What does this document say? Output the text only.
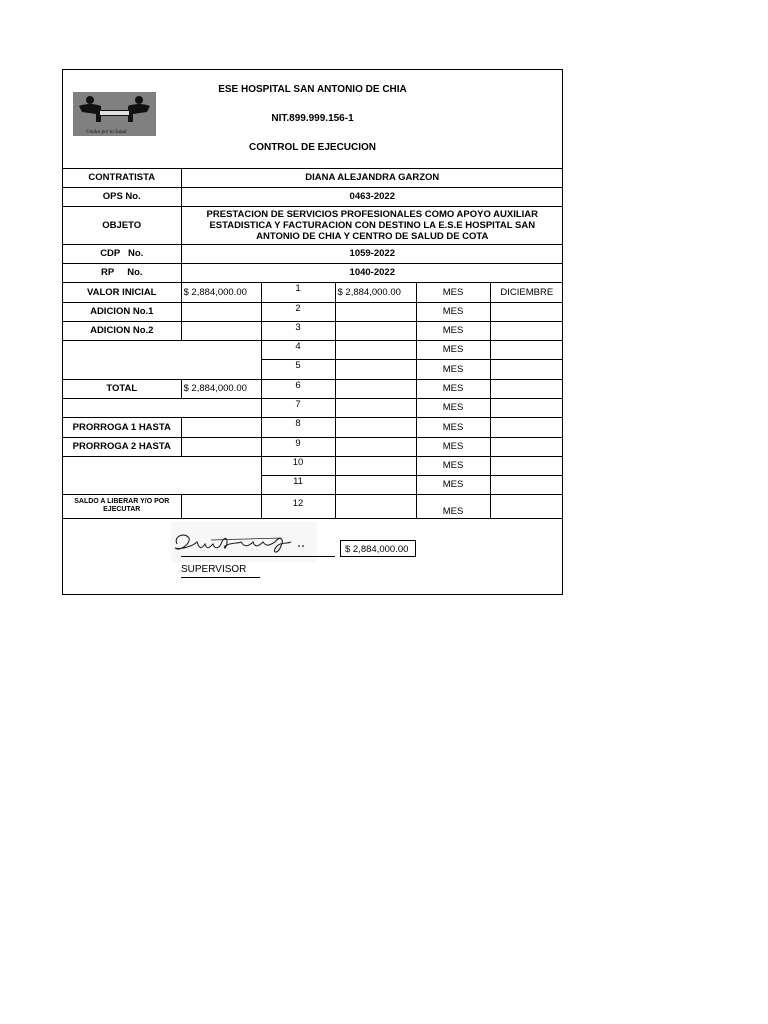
Unidos por tu Salud
ESE HOSPITAL SAN ANTONIO DE CHIA
NIT.899.999.156-1
CONTROL DE EJECUCION
CONTRATISTA	DIANA ALEJANDRA GARZON				
OPS No.	0463-2022				
OBJETO	PRESTACION DE SERVICIOS PROFESIONALES COMO APOYO AUXILIAR ESTADISTICA Y FACTURACION CON DESTINO LA E.S.E HOSPITAL SAN ANTONIO DE CHIA Y CENTRO DE SALUD DE COTA				
CDP   No.	1059-2022				
RP     No.	1040-2022				
VALOR INICIAL	$ 2,884,000.00	1	$ 2,884,000.00	MES	DICIEMBRE
ADICION No.1		2		MES	
ADICION No.2		3		MES	
		4		MES	
		5		MES	
TOTAL	$ 2,884,000.00	6		MES	
		7		MES	
PRORROGA 1 HASTA		8		MES	
PRORROGA 2 HASTA		9		MES	
		10		MES	
		11		MES	
SALDO A LIBERAR Y/O POR EJECUTAR		12		MES	
$ 2,884,000.00
SUPERVISOR
